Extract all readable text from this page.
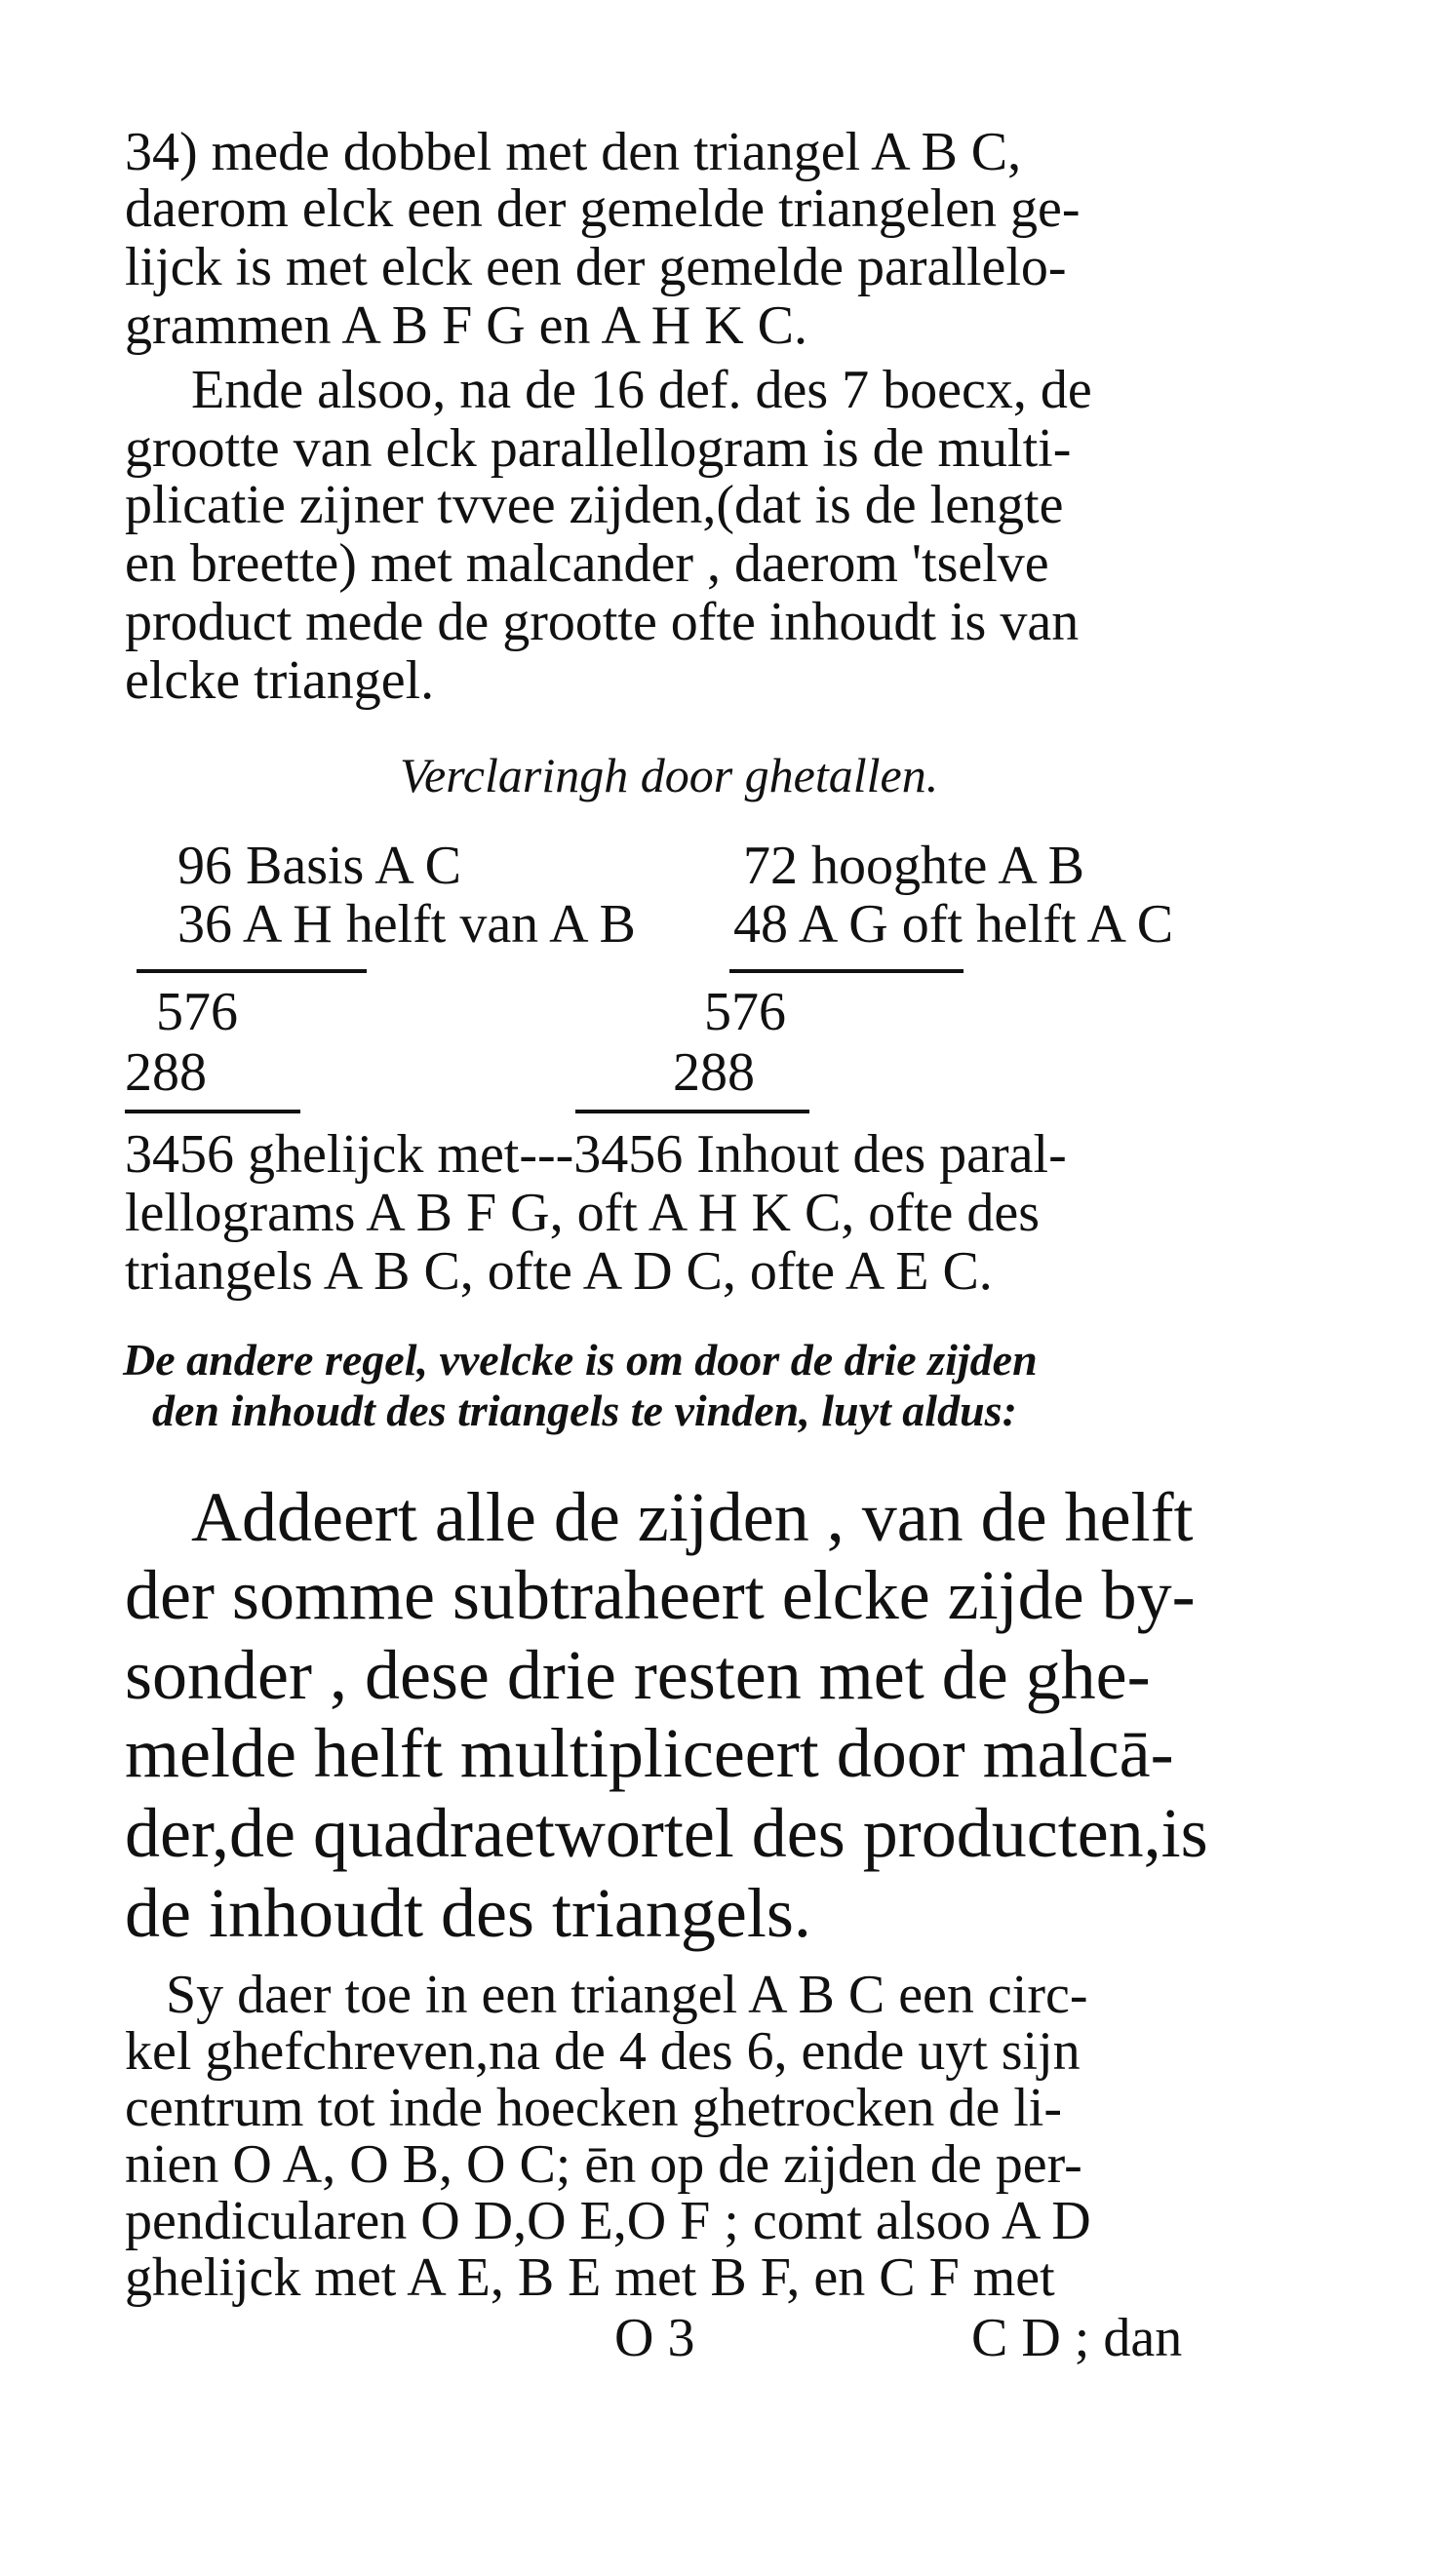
34) mede dobbel met den triangel A B C,
daerom elck een der gemelde triangelen ge-
lijck is met elck een der gemelde parallelo-
grammen A B F G en A H K C.
Ende alsoo, na de 16 def. des 7 boecx, de
grootte van elck parallellogram is de multi-
plicatie zijner tvvee zijden,(dat is de lengte
en breette) met malcander , daerom 'tselve
product mede de grootte ofte inhoudt is van
elcke triangel.
Verclaringh door ghetallen.
96 Basis A C
36 A H helft van A B
576
288
72 hooghte A B
48 A G oft helft A C
576
288
3456 ghelijck met---3456 Inhout des paral-
lellograms A B F G, oft A H K C, ofte des
triangels A B C, ofte A D C, ofte A E C.
De andere regel, vvelcke is om door de drie zijden
den inhoudt des triangels te vinden, luyt aldus:
Addeert alle de zijden , van de helft
der somme subtraheert elcke zijde by-
sonder , dese drie resten met de ghe-
melde helft multipliceert door malcā-
der,de quadraetwortel des producten,is
de inhoudt des triangels.
Sy daer toe in een triangel A B C een circ-
kel ghefchreven,na de 4 des 6, ende uyt sijn
centrum tot inde hoecken ghetrocken de li-
nien O A, O B, O C; ēn op de zijden de per-
pendicularen O D,O E,O F ; comt alsoo A D
ghelijck met A E, B E met B F, en C F met
O 3	C D ; dan
